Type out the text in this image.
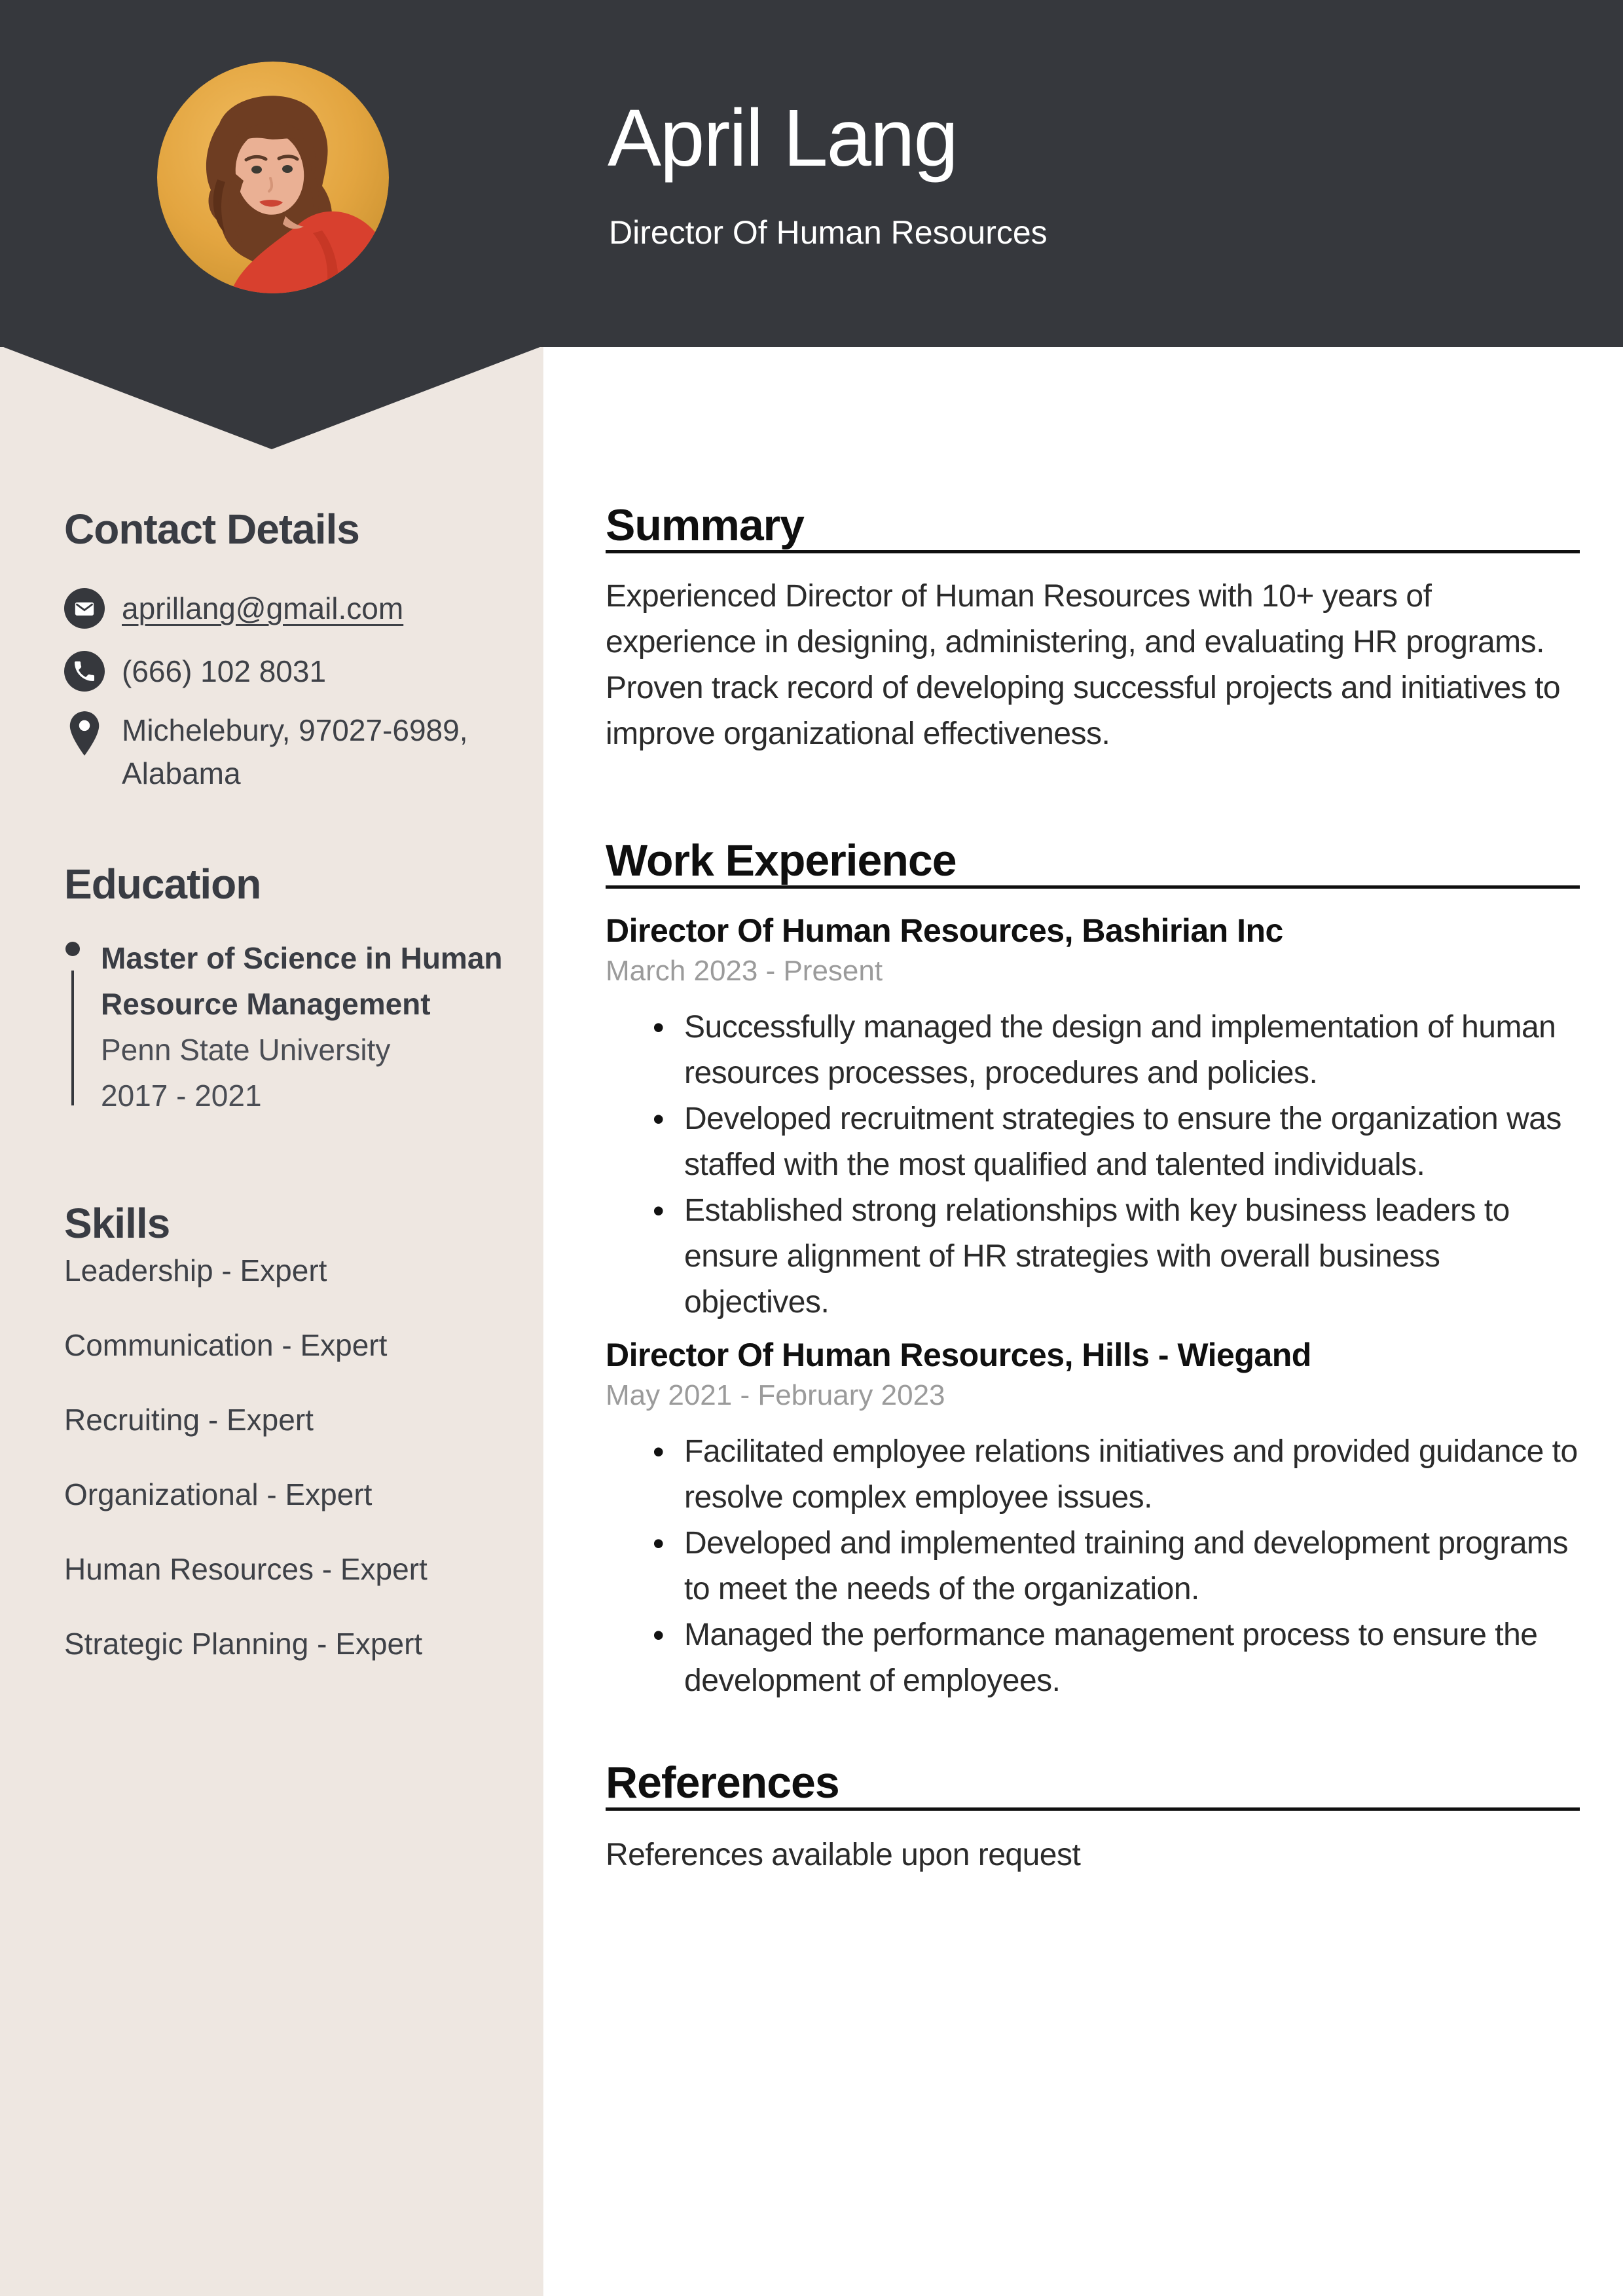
April Lang
Director Of Human Resources
Contact Details
aprillang@gmail.com
(666) 102 8031
Michelebury, 97027-6989,
Alabama
Education
Master of Science in Human Resource Management
Penn State University
2017 - 2021
Skills
Leadership - Expert
Communication - Expert
Recruiting - Expert
Organizational - Expert
Human Resources - Expert
Strategic Planning - Expert
Summary
Experienced Director of Human Resources with 10+ years of experience in designing, administering, and evaluating HR programs. Proven track record of developing successful projects and initiatives to improve organizational effectiveness.
Work Experience
Director Of Human Resources, Bashirian Inc
March 2023 - Present
• Successfully managed the design and implementation of human resources processes, procedures and policies.
• Developed recruitment strategies to ensure the organization was staffed with the most qualified and talented individuals.
• Established strong relationships with key business leaders to ensure alignment of HR strategies with overall business objectives.
Director Of Human Resources, Hills - Wiegand
May 2021 - February 2023
• Facilitated employee relations initiatives and provided guidance to resolve complex employee issues.
• Developed and implemented training and development programs to meet the needs of the organization.
• Managed the performance management process to ensure the development of employees.
References
References available upon request
